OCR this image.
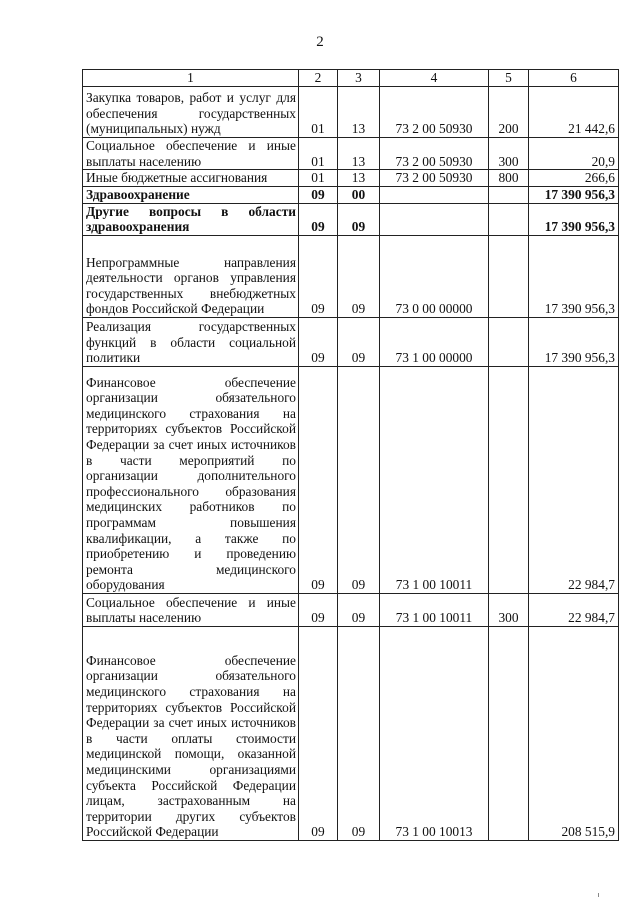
2
1	2	3	4	5	6
Закупка товаров, работ и услуг для обеспечения государственных (муниципальных) нужд	01	13	73 2 00 50930	200	21 442,6
Социальное обеспечение и иные выплаты населению	01	13	73 2 00 50930	300	20,9
Иные бюджетные ассигнования	01	13	73 2 00 50930	800	266,6
Здравоохранение	09	00			17 390 956,3
Другие вопросы в области здравоохранения	09	09			17 390 956,3
Непрограммные направления деятельности органов управления государственных внебюджетных фондов Российской Федерации	09	09	73 0 00 00000		17 390 956,3
Реализация государственных функций в области социальной политики	09	09	73 1 00 00000		17 390 956,3
Финансовое обеспечение организации обязательного медицинского страхования на территориях субъектов Российской Федерации за счет иных источников в части мероприятий по организации дополнительного профессионального образования медицинских работников по программам повышения квалификации, а также по приобретению и проведению ремонта медицинского оборудования	09	09	73 1 00 10011		22 984,7
Социальное обеспечение и иные выплаты населению	09	09	73 1 00 10011	300	22 984,7
Финансовое обеспечение организации обязательного медицинского страхования на территориях субъектов Российской Федерации за счет иных источников в части оплаты стоимости медицинской помощи, оказанной медицинскими организациями субъекта Российской Федерации лицам, застрахованным на территории других субъектов Российской Федерации	09	09	73 1 00 10013		208 515,9
